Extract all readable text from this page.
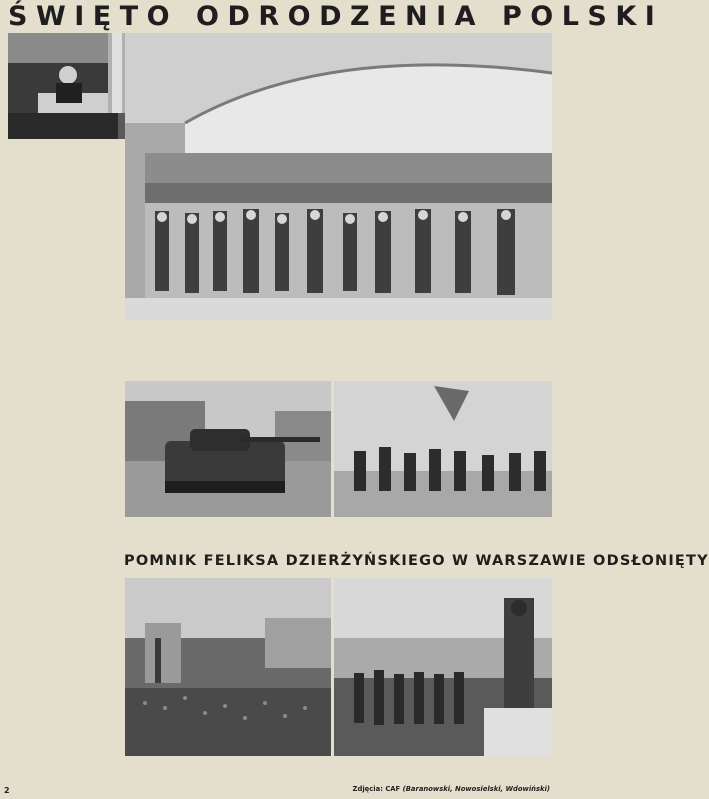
ŚWIĘTO ODRODZENIA POLSKI
POMNIK FELIKSA DZIERŻYŃSKIEGO W WARSZAWIE ODSŁONIĘTY
Zdjęcia: CAF (Baranowski, Nowosielski, Wdowiński)
2
